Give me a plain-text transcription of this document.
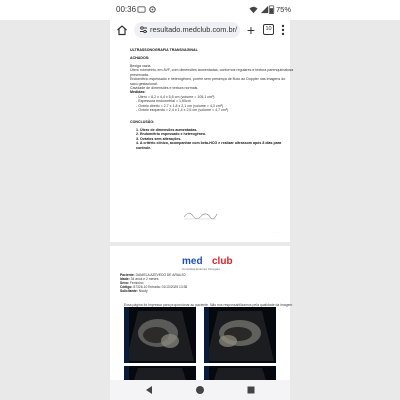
00:36	75%
resultado.medclub.com.br/ +	10
ULTRASSONOGRAFIA TRANSVAGINAL
ACHADOS:
Bexiga vazia.
Útero miométrio, em AVF, com dimensões aumentadas, contornos regulares e textura parenquimatosa
preservada.
Endométrio espessado e heterogêneo, porém sem presença de fluxo ao Doppler nas imagens do
saco gestacional.
Cavidade de dimensões e textura normais.
Medidas:
- Útero = 8,2 x 4,4 x 5,6 cm (volume = 105,1 cm³)
- Espessura endometrial = 1,60cm
- Ovário direito = 2,7 x 1,8 x 2,1 cm (volume = 4,3 cm³)
- Ovário esquerdo = 2,4 x 1,4 x 2,5 cm (volume = 4,7 cm³)
CONCLUSÃO:
1. Útero de dimensões aumentadas.
2. Endométrio espessado e heterogêneo.
3. Ovários sem alterações.
4. A critério clínico, acompanhar com beta-HCG e realizar ultrassom após 8 dias para
controle.
· · · · ·
med club
Consultas Exames Cirurgias
Paciente: DANIELA AZEVEDO DE ARAUJO
Idade: 34 anos e 2 meses
Sexo: Feminino
Código: 87326-10 Entrada: 01/10/2025 13:38
Solicitante: Nicoly
Essa página foi impressa para proporcionar ao paciente. Não nos responsabilizamos pela qualidade da imagem
